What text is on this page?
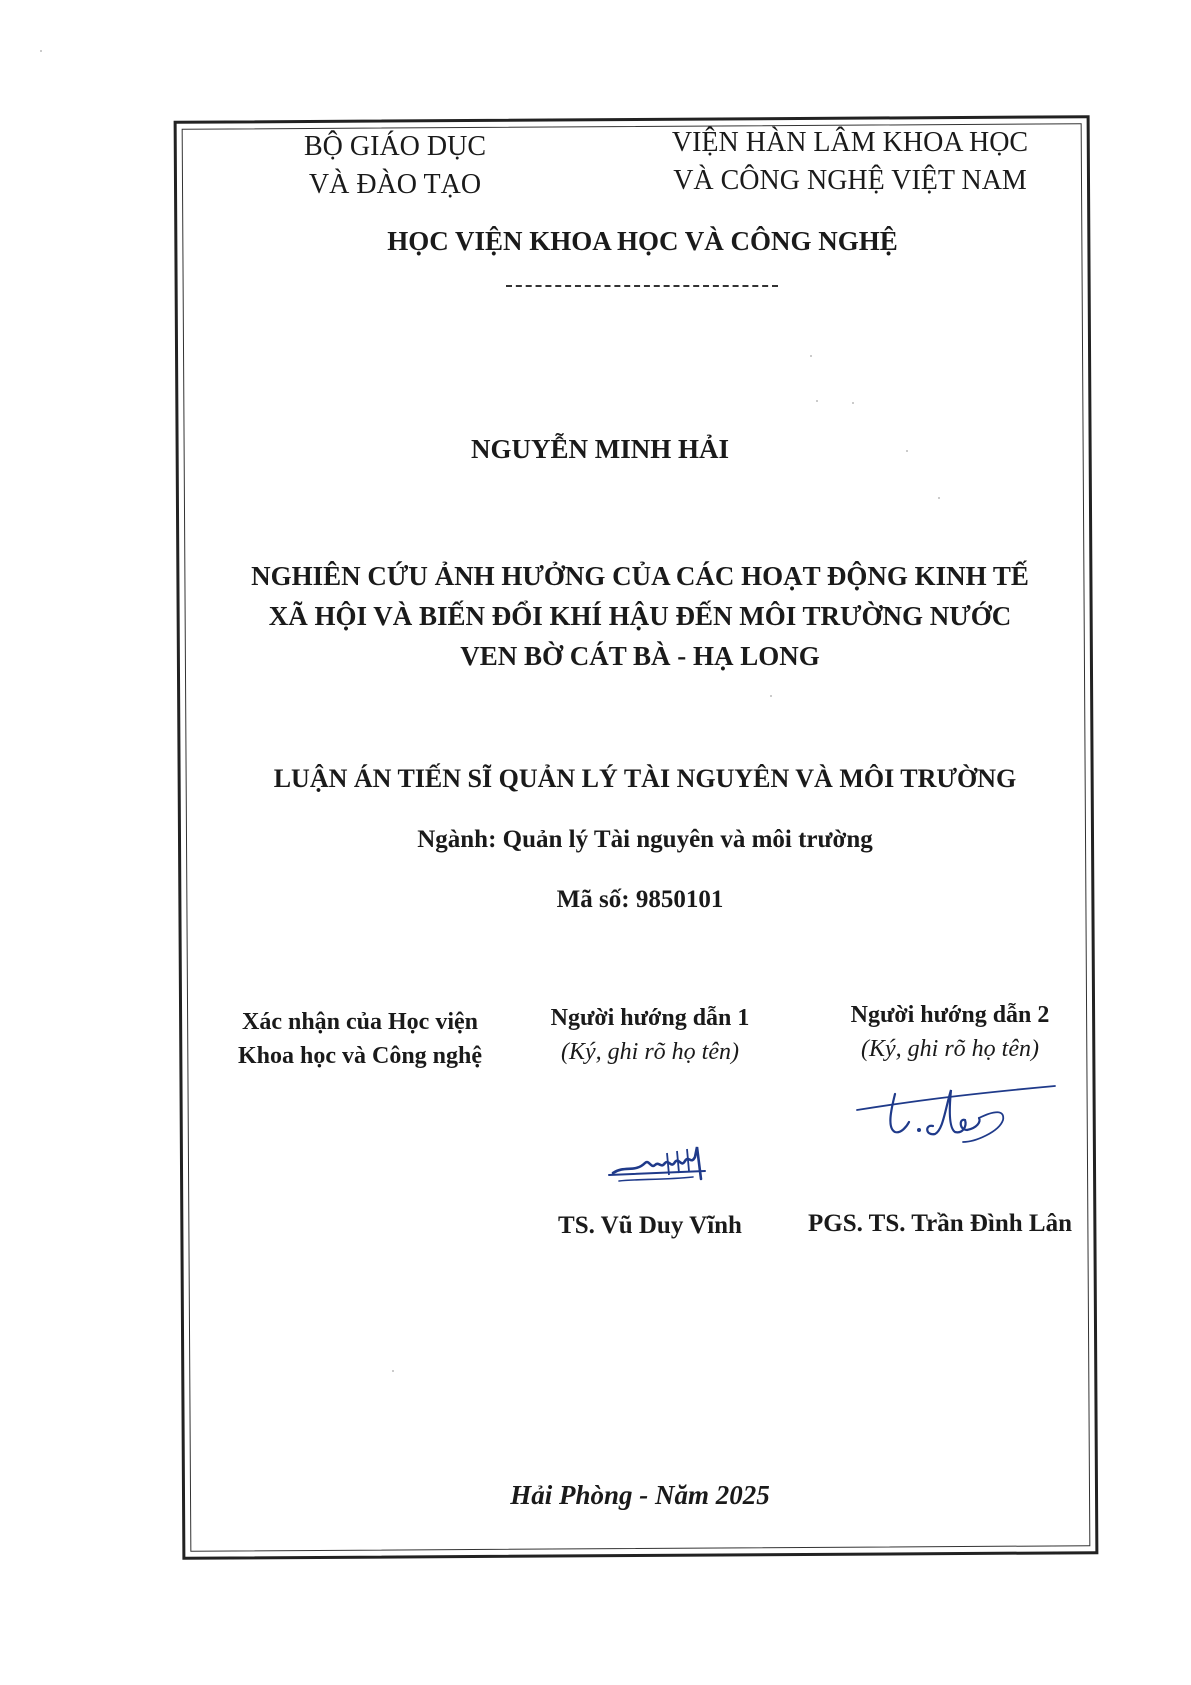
BỘ GIÁO DỤC
VÀ ĐÀO TẠO
VIỆN HÀN LÂM KHOA HỌC
VÀ CÔNG NGHỆ VIỆT NAM
HỌC VIỆN KHOA HỌC VÀ CÔNG NGHỆ
NGUYỄN MINH HẢI
NGHIÊN CỨU ẢNH HƯỞNG CỦA CÁC HOẠT ĐỘNG KINH TẾ
XÃ HỘI VÀ BIẾN ĐỔI KHÍ HẬU ĐẾN MÔI TRƯỜNG NƯỚC
VEN BỜ CÁT BÀ - HẠ LONG
LUẬN ÁN TIẾN SĨ QUẢN LÝ TÀI NGUYÊN VÀ MÔI TRƯỜNG
Ngành: Quản lý Tài nguyên và môi trường
Mã số: 9850101
Xác nhận của Học viện
Khoa học và Công nghệ
Người hướng dẫn 1
(Ký, ghi rõ họ tên)
Người hướng dẫn 2
(Ký, ghi rõ họ tên)
TS. Vũ Duy Vĩnh	PGS. TS. Trần Đình Lân
Hải Phòng - Năm 2025
